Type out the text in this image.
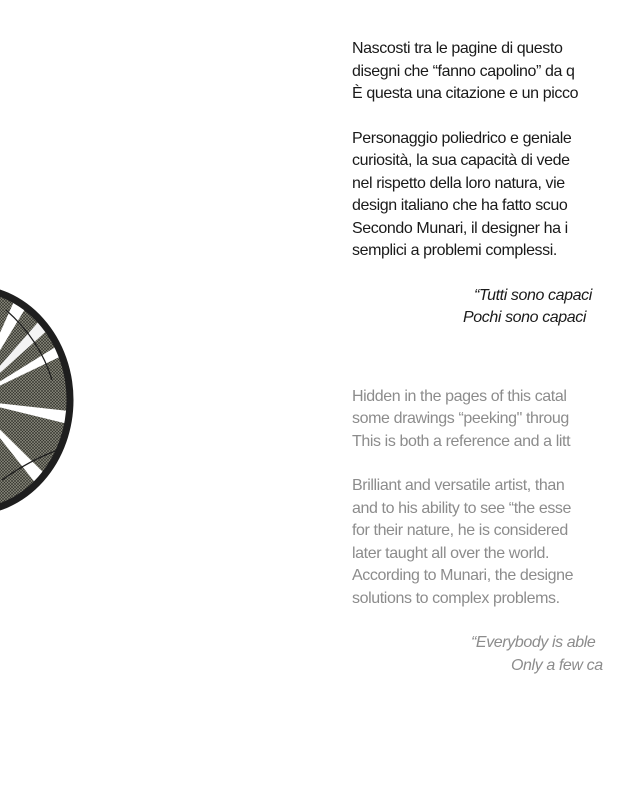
Nascosti tra le pagine di questo

disegni che “fanno capolino” da q

È questa una citazione e un picco

Personaggio poliedrico e geniale

curiosità, la sua capacità di vede

nel rispetto della loro natura, vie

design italiano che ha fatto scuo

Secondo Munari, il designer ha i

semplici a problemi complessi.

“Tutti sono capaci

Pochi sono capaci

Hidden in the pages of this catal

some drawings “peeking" throug

This is both a reference and a litt

Brilliant and versatile artist, than

and to his ability to see “the esse

for their nature, he is considered

later taught all over the world.

According to Munari, the designe

solutions to complex problems.

“Everybody is able

Only a few ca
